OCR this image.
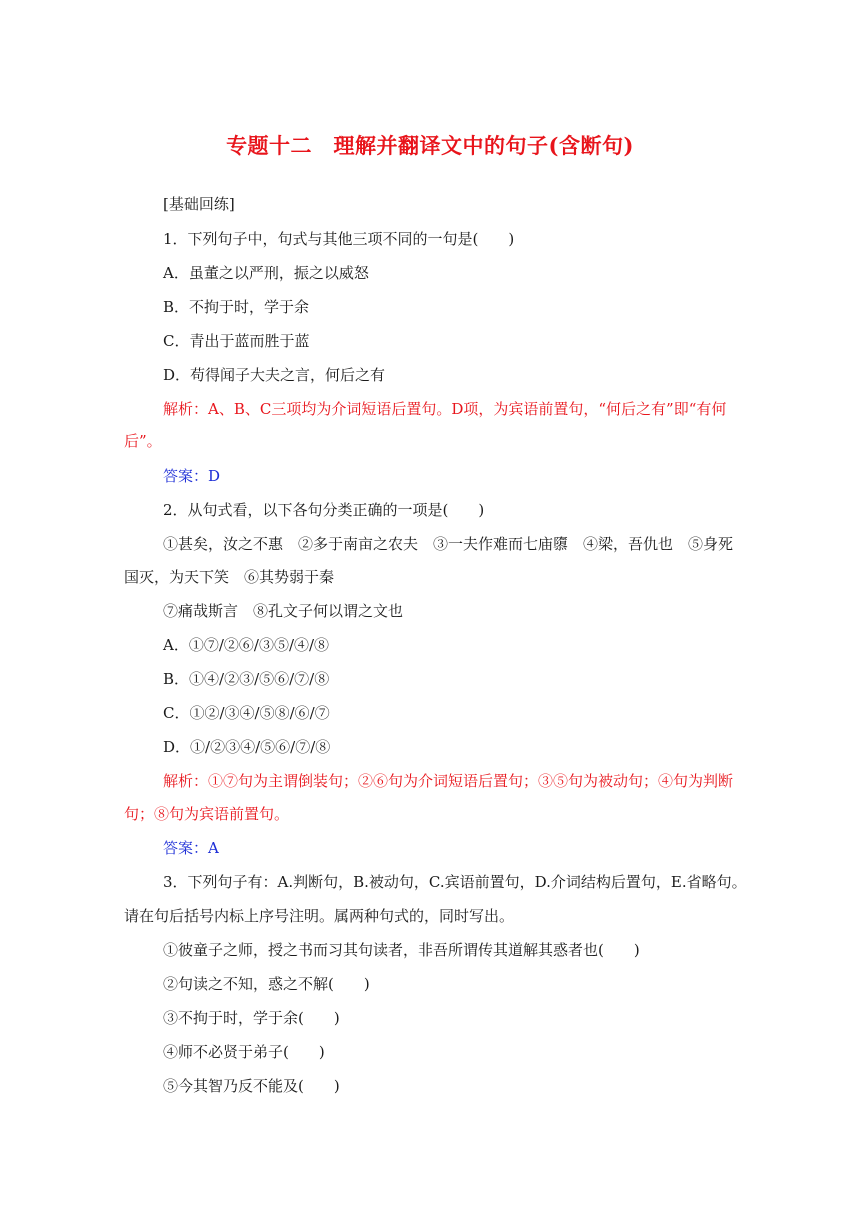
专题十二　理解并翻译文中的句子(含断句)
[基础回练]
1．下列句子中，句式与其他三项不同的一句是(　　)
A．虽董之以严刑，振之以威怒
B．不拘于时，学于余
C．青出于蓝而胜于蓝
D．苟得闻子大夫之言，何后之有
解析：A、B、C三项均为介词短语后置句。D项，为宾语前置句，“何后之有”即“有何
后”。
答案：D
2．从句式看，以下各句分类正确的一项是(　　)
①甚矣，汝之不惠　②多于南亩之农夫　③一夫作难而七庙隳　④梁，吾仇也　⑤身死
国灭，为天下笑　⑥其势弱于秦
⑦痛哉斯言　⑧孔文子何以谓之文也
A．①⑦/②⑥/③⑤/④/⑧
B．①④/②③/⑤⑥/⑦/⑧
C．①②/③④/⑤⑧/⑥/⑦
D．①/②③④/⑤⑥/⑦/⑧
解析：①⑦句为主谓倒装句；②⑥句为介词短语后置句；③⑤句为被动句；④句为判断
句；⑧句为宾语前置句。
答案：A
3．下列句子有：A.判断句，B.被动句，C.宾语前置句，D.介词结构后置句，E.省略句。
请在句后括号内标上序号注明。属两种句式的，同时写出。
①彼童子之师，授之书而习其句读者，非吾所谓传其道解其惑者也(　　)
②句读之不知，惑之不解(　　)
③不拘于时，学于余(　　)
④师不必贤于弟子(　　)
⑤今其智乃反不能及(　　)
